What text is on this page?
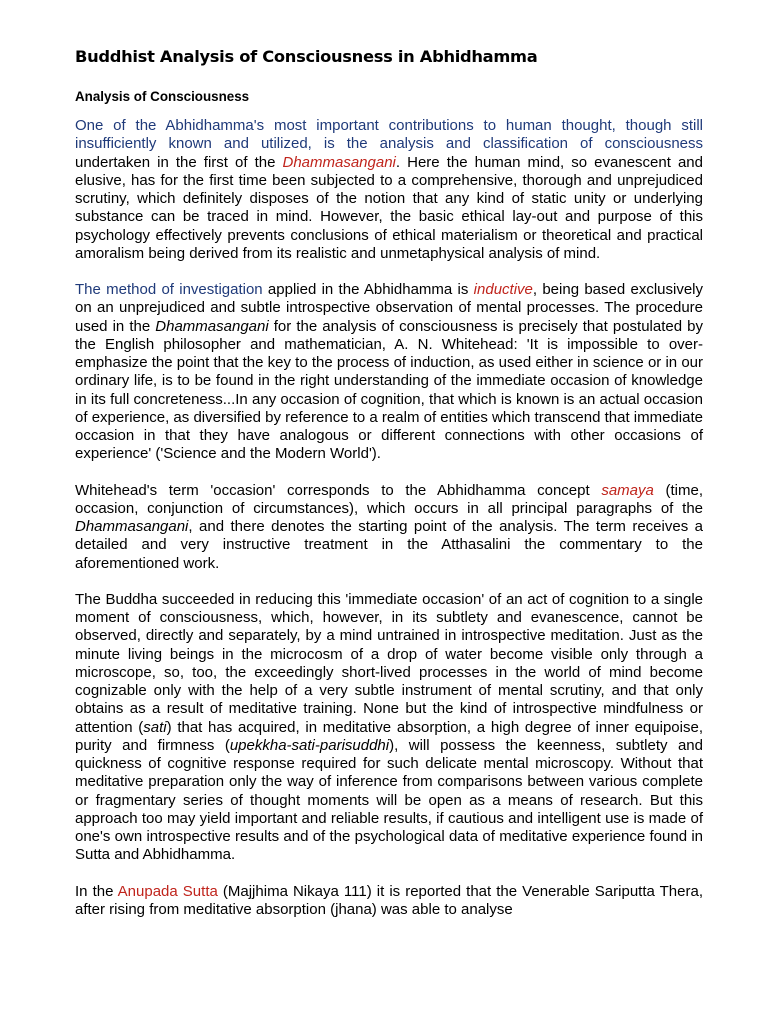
Buddhist Analysis of Consciousness in Abhidhamma
Analysis of Consciousness

One of the Abhidhamma's most important contributions to human thought, though still insufficiently known and utilized, is the analysis and classification of consciousness undertaken in the first of the Dhammasangani. Here the human mind, so evanescent and elusive, has for the first time been subjected to a comprehensive, thorough and unprejudiced scrutiny, which definitely disposes of the notion that any kind of static unity or underlying substance can be traced in mind. However, the basic ethical lay-out and purpose of this psychology effectively prevents conclusions of ethical materialism or theoretical and practical amoralism being derived from its realistic and unmetaphysical analysis of mind.

The method of investigation applied in the Abhidhamma is inductive, being based exclusively on an unprejudiced and subtle introspective observation of mental processes. The procedure used in the Dhammasangani for the analysis of consciousness is precisely that postulated by the English philosopher and mathematician, A. N. Whitehead: 'It is impossible to over-emphasize the point that the key to the process of induction, as used either in science or in our ordinary life, is to be found in the right understanding of the immediate occasion of knowledge in its full concreteness...In any occasion of cognition, that which is known is an actual occasion of experience, as diversified by reference to a realm of entities which transcend that immediate occasion in that they have analogous or different connections with other occasions of experience' ('Science and the Modern World').

Whitehead's term 'occasion' corresponds to the Abhidhamma concept samaya (time, occasion, conjunction of circumstances), which occurs in all principal paragraphs of the Dhammasangani, and there denotes the starting point of the analysis. The term receives a detailed and very instructive treatment in the Atthasalini the commentary to the aforementioned work.

The Buddha succeeded in reducing this 'immediate occasion' of an act of cognition to a single moment of consciousness, which, however, in its subtlety and evanescence, cannot be observed, directly and separately, by a mind untrained in introspective meditation. Just as the minute living beings in the microcosm of a drop of water become visible only through a microscope, so, too, the exceedingly short-lived processes in the world of mind become cognizable only with the help of a very subtle instrument of mental scrutiny, and that only obtains as a result of meditative training. None but the kind of introspective mindfulness or attention (sati) that has acquired, in meditative absorption, a high degree of inner equipoise, purity and firmness (upekkha-sati-parisuddhi), will possess the keenness, subtlety and quickness of cognitive response required for such delicate mental microscopy. Without that meditative preparation only the way of inference from comparisons between various complete or fragmentary series of thought moments will be open as a means of research. But this approach too may yield important and reliable results, if cautious and intelligent use is made of one's own introspective results and of the psychological data of meditative experience found in Sutta and Abhidhamma.

In the Anupada Sutta (Majjhima Nikaya 111) it is reported that the Venerable Sariputta Thera, after rising from meditative absorption (jhana) was able to analyse
